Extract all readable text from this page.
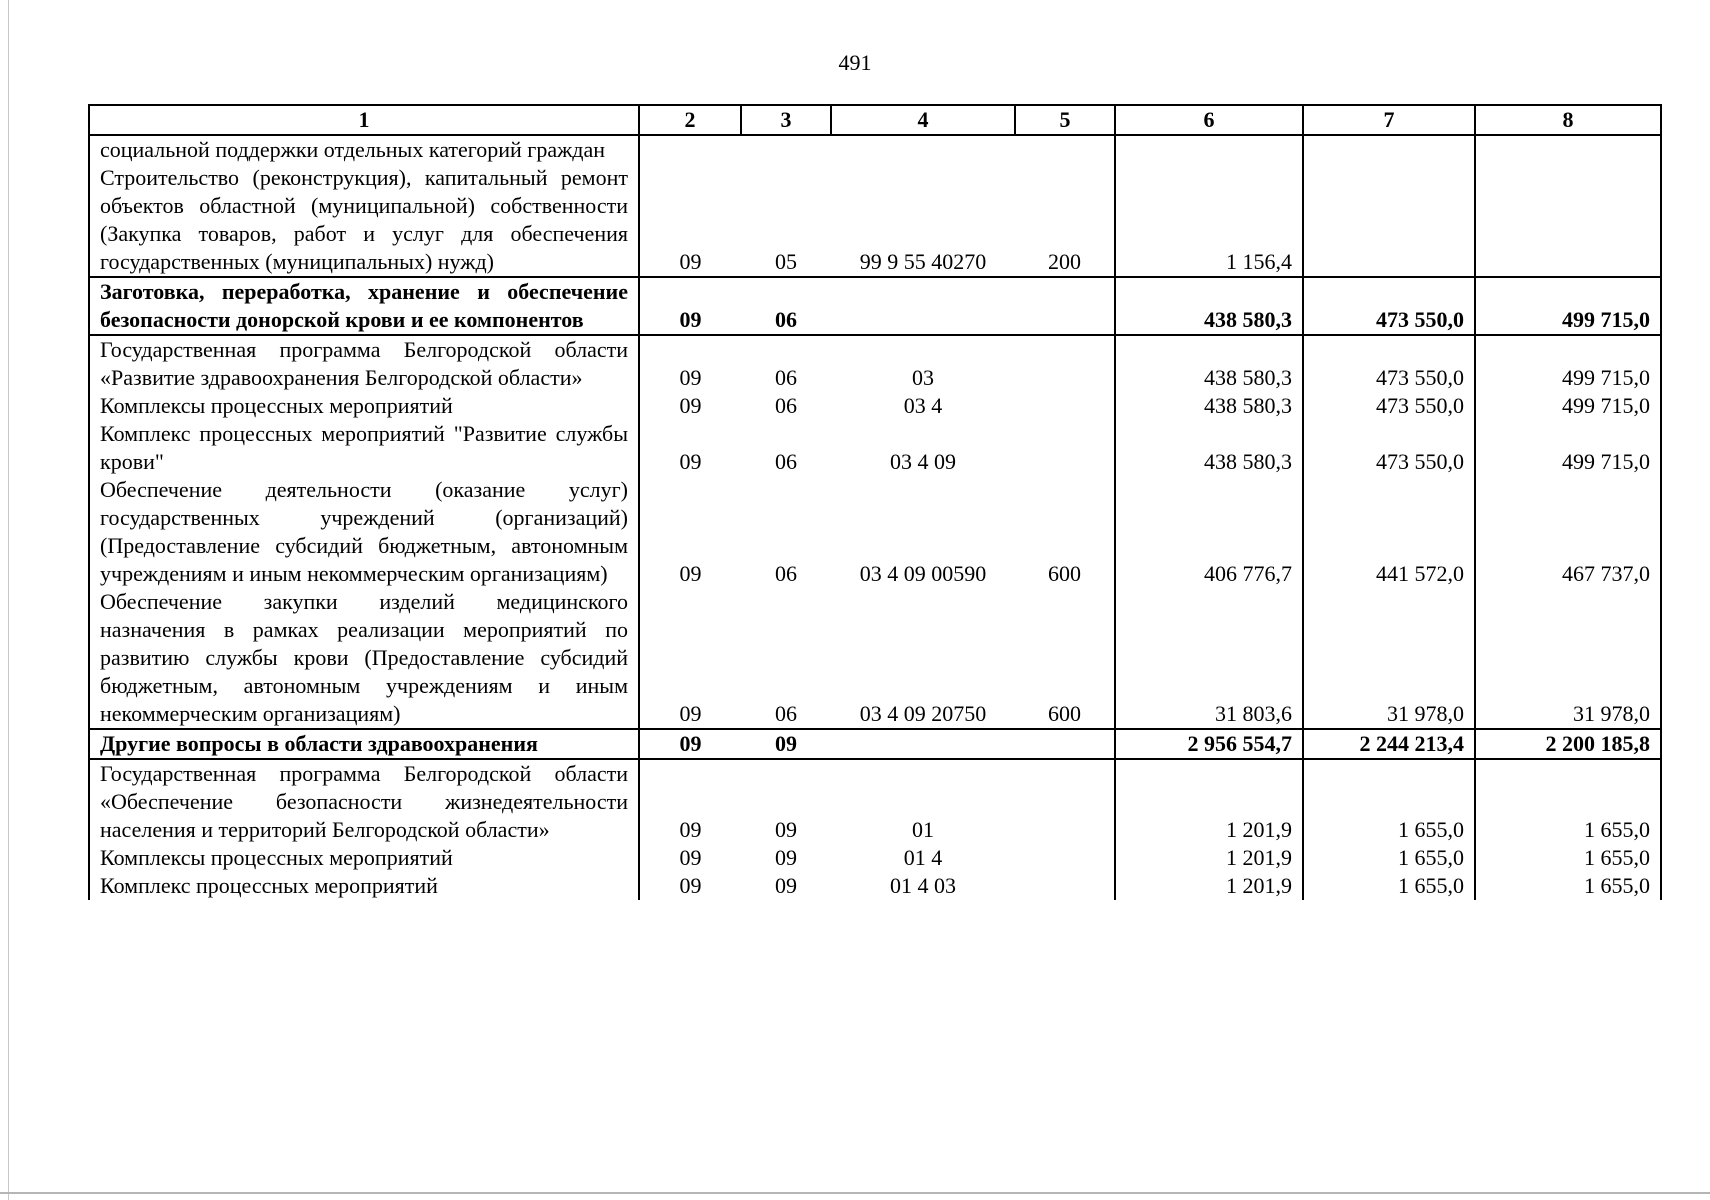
491
1	2	3	4	5	6	7	8
социальной поддержки отдельных категорий граждан							
Строительство (реконструкция), капитальный ремонт объектов областной (муниципальной) собственности (Закупка товаров, работ и услуг для обеспечения государственных (муниципальных) нужд)	09	05	99 9 55 40270	200	1 156,4		
Заготовка, переработка, хранение и обеспечение безопасности донорской крови и ее компонентов	09	06			438 580,3	473 550,0	499 715,0
Государственная программа Белгородской области «Развитие здравоохранения Белгородской области»	09	06	03		438 580,3	473 550,0	499 715,0
Комплексы процессных мероприятий	09	06	03 4		438 580,3	473 550,0	499 715,0
Комплекс процессных мероприятий "Развитие службы крови"	09	06	03 4 09		438 580,3	473 550,0	499 715,0
Обеспечение деятельности (оказание услуг) государственных учреждений (организаций) (Предоставление субсидий бюджетным, автономным учреждениям и иным некоммерческим организациям)	09	06	03 4 09 00590	600	406 776,7	441 572,0	467 737,0
Обеспечение закупки изделий медицинского назначения в рамках реализации мероприятий по развитию службы крови (Предоставление субсидий бюджетным, автономным учреждениям и иным некоммерческим организациям)	09	06	03 4 09 20750	600	31 803,6	31 978,0	31 978,0
Другие вопросы в области здравоохранения	09	09			2 956 554,7	2 244 213,4	2 200 185,8
Государственная программа Белгородской области «Обеспечение безопасности жизнедеятельности населения и территорий Белгородской области»	09	09	01		1 201,9	1 655,0	1 655,0
Комплексы процессных мероприятий	09	09	01 4		1 201,9	1 655,0	1 655,0
Комплекс процессных мероприятий	09	09	01 4 03		1 201,9	1 655,0	1 655,0
